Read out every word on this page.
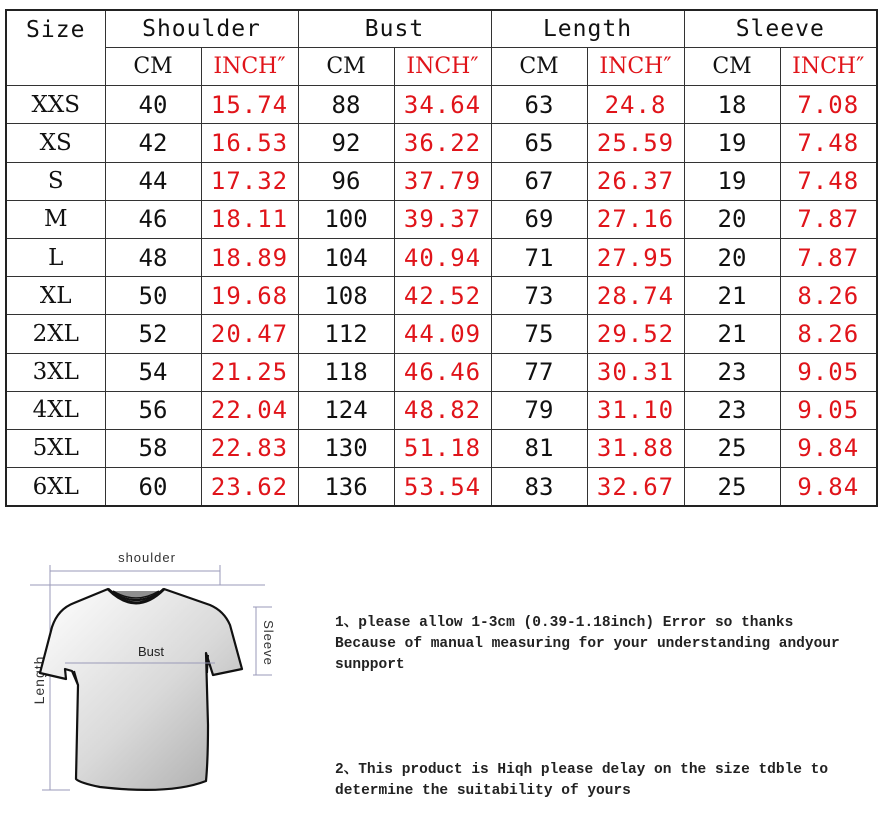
Size	Shoulder		Bust		Length		Sleeve	
	CM	INCH″	CM	INCH″	CM	INCH″	CM	INCH″
XXS	40	15.74	88	34.64	63	24.8	18	7.08
XS	42	16.53	92	36.22	65	25.59	19	7.48
S	44	17.32	96	37.79	67	26.37	19	7.48
M	46	18.11	100	39.37	69	27.16	20	7.87
L	48	18.89	104	40.94	71	27.95	20	7.87
XL	50	19.68	108	42.52	73	28.74	21	8.26
2XL	52	20.47	112	44.09	75	29.52	21	8.26
3XL	54	21.25	118	46.46	77	30.31	23	9.05
4XL	56	22.04	124	48.82	79	31.10	23	9.05
5XL	58	22.83	130	51.18	81	31.88	25	9.84
6XL	60	23.62	136	53.54	83	32.67	25	9.84
shoulder
Length
Sleeve
Bust
1、please allow 1-3cm (0.39-1.18inch) Error so thanks
Because of manual measuring for your understanding andyour
sunpport
2、This product is Hiqh please delay on the size tdble to
determine the suitability of yours
